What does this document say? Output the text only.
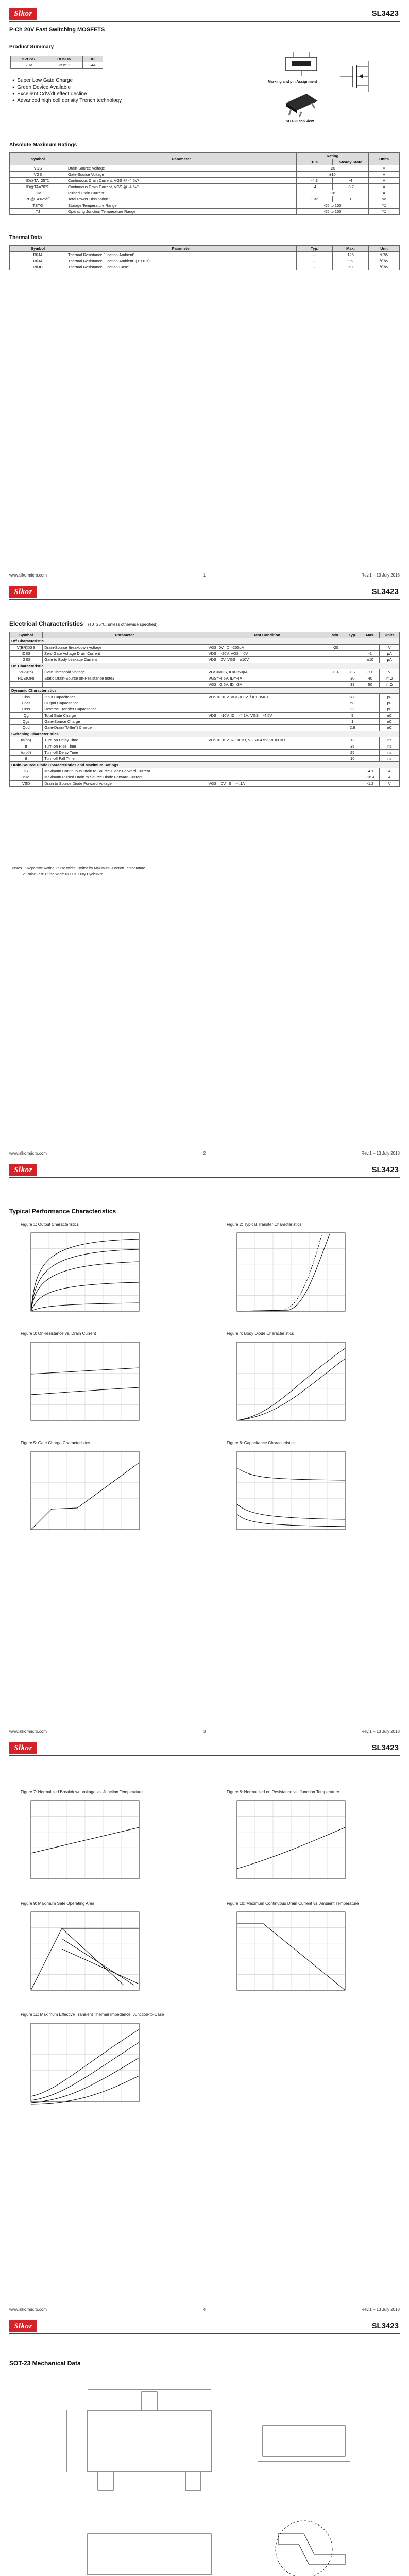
Slkor	SL3423
P-Ch 20V Fast Switching MOSFETS
Product Summary
BVDSS	RDSON	ID
-20V	39mΩ	-4A
Marking and pin Assignment
SOT-23 top view
● Super Low Gate Charge
● Green Device Available
● Excellent CdV/dt effect decline
● Advanced high cell density Trench technology
Absolute Maximum Ratings
Symbol	Parameter	Rating		Units
		10s	Steady State	
VDS	Drain-Source Voltage	-20		V
VGS	Gate-Source Voltage	±10		V
ID@TA=25℃	Continuous Drain Current, VGS @ -4.5V¹	-4.3	-4	A
ID@TA=70℃	Continuous Drain Current, VGS @ -4.5V¹	-4	-3.7	A
IDM	Pulsed Drain Current²	-16		A
PD@TA=25℃	Total Power Dissipation³	1.32	1	W
TSTG	Storage Temperature Range	-55 to 150		℃
TJ	Operating Junction Temperature Range	-55 to 150		℃
Thermal Data
Symbol	Parameter	Typ.	Max.	Unit
RθJA	Thermal Resistance Junction-Ambient¹	---	125	℃/W
RθJA	Thermal Resistance Junction-Ambient¹ ( t ≤10s)	---	95	℃/W
RθJC	Thermal Resistance Junction-Case¹	---	60	℃/W
www.slkormicro.com	1	Rev.1 – 13 July 2018
Slkor	SL3423
Electrical Characteristics (TJ=25℃, unless otherwise specified)
Symbol	Parameter	Test Condition	Min.	Typ.	Max.	Units
Off Characteristic						
V(BR)DSS	Drain-Source Breakdown Voltage	VGS=0V, ID=-250μA	-20			V
IDSS	Zero Gate Voltage Drain Current	VDS = -20V, VGS = 0V			-1	μA
IGSS	Gate to Body Leakage Current	VDS = 0V, VGS = ±10V			±10	μA
On Characteristic						
VGS(th)	Gate Threshold Voltage	VGS=VDS, ID=-250μA	-0.4	-0.7	-1.0	V
RDS(ON)	Static Drain-Source on-Resistance note3	VGS=-4.5V, ID=-4A		30	40	mΩ
		VGS=-2.5V, ID=-3A		39	50	mΩ
Dynamic Characteristics						
Ciss	Input Capacitance	VDS = -10V, VGS = 0V, f = 1.0MHz		288		pF
Coss	Output Capacitance			58		pF
Crss	Reverse Transfer Capacitance			22		pF
Qg	Total Gate Charge	VDS = -10V, ID = -4.1A, VGS = -4.5V		9		nC
Qgs	Gate-Source Charge			1		nC
Qgd	Gate-Drain("Miller") Charge			2.6		nC
Switching Characteristics						
td(on)	Turn-on Delay Time	VDS = -10V, RG = 1Ω, VGS=-4.5V, RL=3.3Ω		12		ns
tr	Turn-on Rise Time			35		ns
td(off)	Turn-off Delay Time			25		ns
tf	Turn-off Fall Time			10		ns
Drain-Source Diode Characteristics and Maximum Ratings						
IS	Maximum Continuous Drain to Source Diode Forward Current				-4.1	A
ISM	Maximum Pulsed Drain to Source Diode Forward Current				-16.4	A
VSD	Drain to Source Diode Forward Voltage	VGS = 0V, IS = -4.1A			-1.2	V
Notes 1: Repetitive Rating: Pulse Width Limited by Maximum Junction Temperature
2: Pulse Test: Pulse Width≤300μs, Duty Cycle≤2%
www.slkormicro.com	2	Rev.1 – 13 July 2018
Slkor	SL3423
Typical Performance Characteristics
Figure 1: Output Characteristics	Figure 2: Typical Transfer Characteristics
Figure 3: On-resistance vs. Drain Current	Figure 4: Body Diode Characteristics
Figure 5: Gate Charge Characteristics	Figure 6: Capacitance Characteristics
www.slkormicro.com	3	Rev.1 – 13 July 2018
Slkor	SL3423
Figure 7: Normalized Breakdown Voltage vs. Junction Temperature	Figure 8: Normalized on Resistance vs. Junction Temperature
Figure 9: Maximum Safe Operating Area	Figure 10: Maximum Continuous Drain Current vs. Ambient Temperature
Figure 11: Maximum Effective Transient Thermal Impedance, Junction-to-Case
www.slkormicro.com	4	Rev.1 – 13 July 2018
Slkor	SL3423
SOT-23 Mechanical Data
